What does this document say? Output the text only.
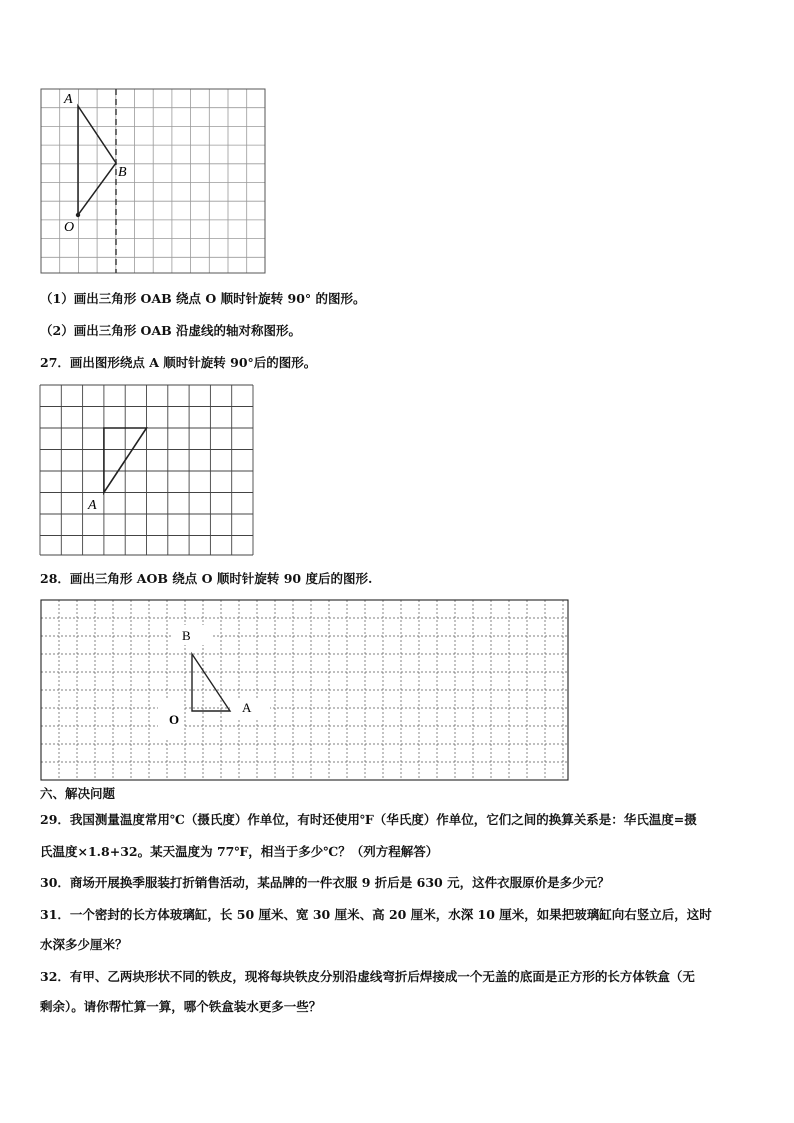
A
B
O
（1）画出三角形 OAB 绕点 O 顺时针旋转 90° 的图形。
（2）画出三角形 OAB 沿虚线的轴对称图形。
27．画出图形绕点 A 顺时针旋转 90°后的图形。
A
28．画出三角形 AOB 绕点 O 顺时针旋转 90 度后的图形.
B
O
A
六、解决问题
29．我国测量温度常用℃（摄氏度）作单位，有时还使用℉（华氏度）作单位，它们之间的换算关系是：华氏温度=摄
氏温度×1.8+32。某天温度为 77℉，相当于多少℃？（列方程解答）
30．商场开展换季服装打折销售活动，某品牌的一件衣服 9 折后是 630 元，这件衣服原价是多少元？
31．一个密封的长方体玻璃缸，长 50 厘米、宽 30 厘米、高 20 厘米，水深 10 厘米，如果把玻璃缸向右竖立后，这时
水深多少厘米？
32．有甲、乙两块形状不同的铁皮，现将每块铁皮分别沿虚线弯折后焊接成一个无盖的底面是正方形的长方体铁盒（无
剩余）。请你帮忙算一算，哪个铁盒装水更多一些？
